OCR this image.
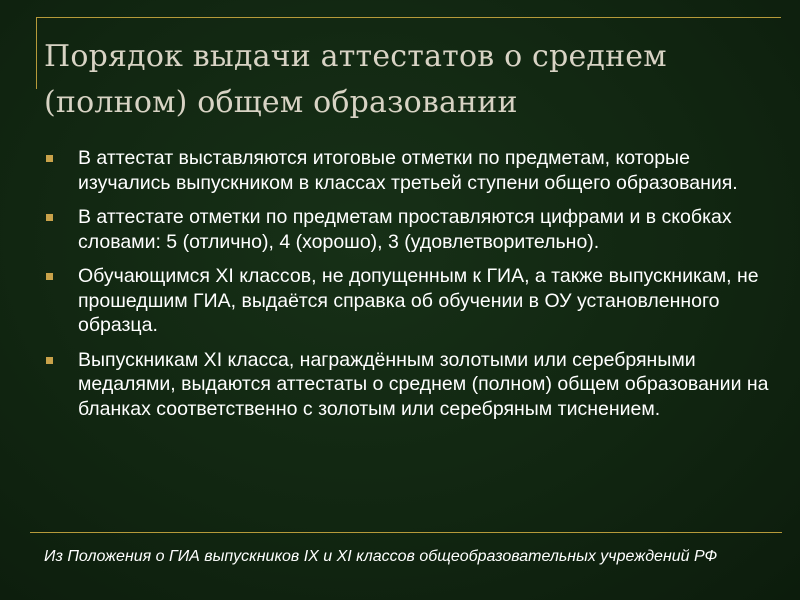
Порядок выдачи аттестатов о среднем (полном) общем образовании
В аттестат выставляются итоговые отметки по предметам, которые изучались выпускником в классах третьей ступени общего образования.
В аттестате отметки по предметам проставляются цифрами и в скобках словами: 5 (отлично), 4 (хорошо), 3 (удовлетворительно).
Обучающимся XI классов, не допущенным к ГИА, а также выпускникам, не прошедшим ГИА, выдаётся справка об обучении в ОУ установленного образца.
Выпускникам XI класса, награждённым золотыми или серебряными медалями, выдаются аттестаты о среднем (полном) общем образовании на бланках соответственно с золотым или серебряным тиснением.

Из Положения о ГИА выпускников IX и XI классов общеобразовательных учреждений РФ
